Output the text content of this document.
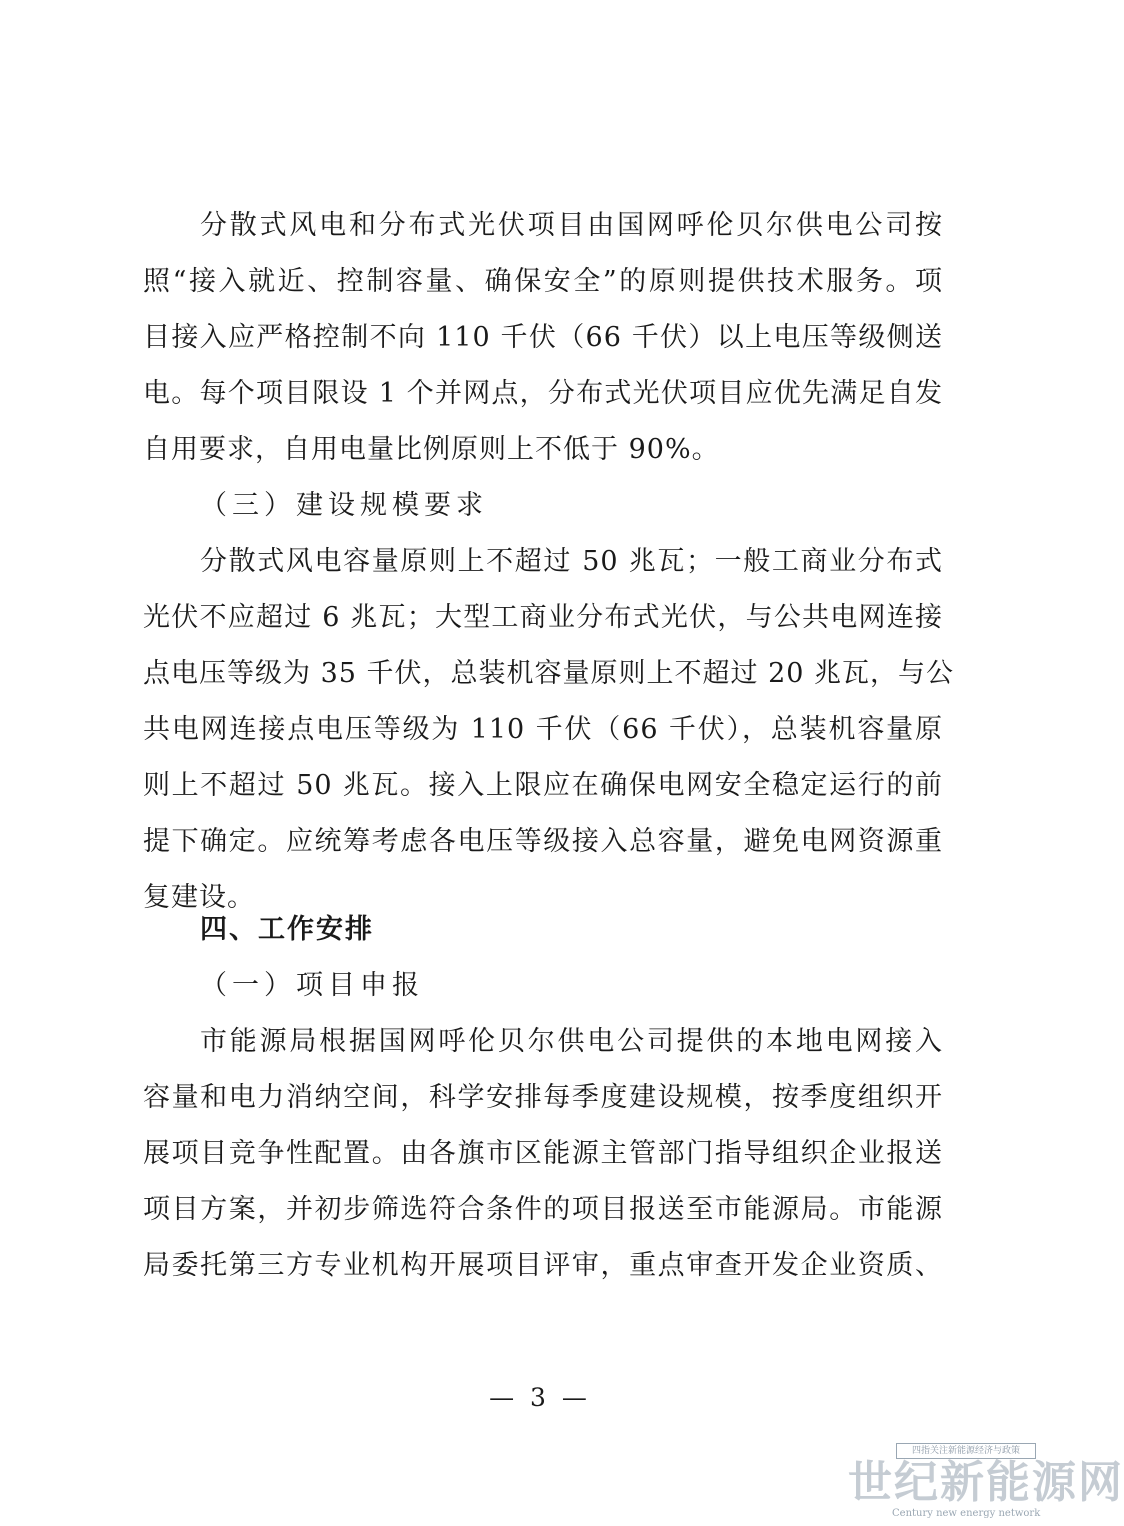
分散式风电和分布式光伏项目由国网呼伦贝尔供电公司按
照“接入就近、控制容量、确保安全”的原则提供技术服务。项
目接入应严格控制不向 110 千伏（66 千伏）以上电压等级侧送
电。每个项目限设 1 个并网点，分布式光伏项目应优先满足自发
自用要求，自用电量比例原则上不低于 90%。
（三）建设规模要求
分散式风电容量原则上不超过 50 兆瓦；一般工商业分布式
光伏不应超过 6 兆瓦；大型工商业分布式光伏，与公共电网连接
点电压等级为 35 千伏，总装机容量原则上不超过 20 兆瓦，与公
共电网连接点电压等级为 110 千伏（66 千伏），总装机容量原
则上不超过 50 兆瓦。接入上限应在确保电网安全稳定运行的前
提下确定。应统筹考虑各电压等级接入总容量，避免电网资源重
复建设。
四、工作安排
（一）项目申报
市能源局根据国网呼伦贝尔供电公司提供的本地电网接入
容量和电力消纳空间，科学安排每季度建设规模，按季度组织开
展项目竞争性配置。由各旗市区能源主管部门指导组织企业报送
项目方案，并初步筛选符合条件的项目报送至市能源局。市能源
局委托第三方专业机构开展项目评审，重点审查开发企业资质、
— 3 —
四指关注新能源经济与政策
世纪新能源网
Century new energy network
